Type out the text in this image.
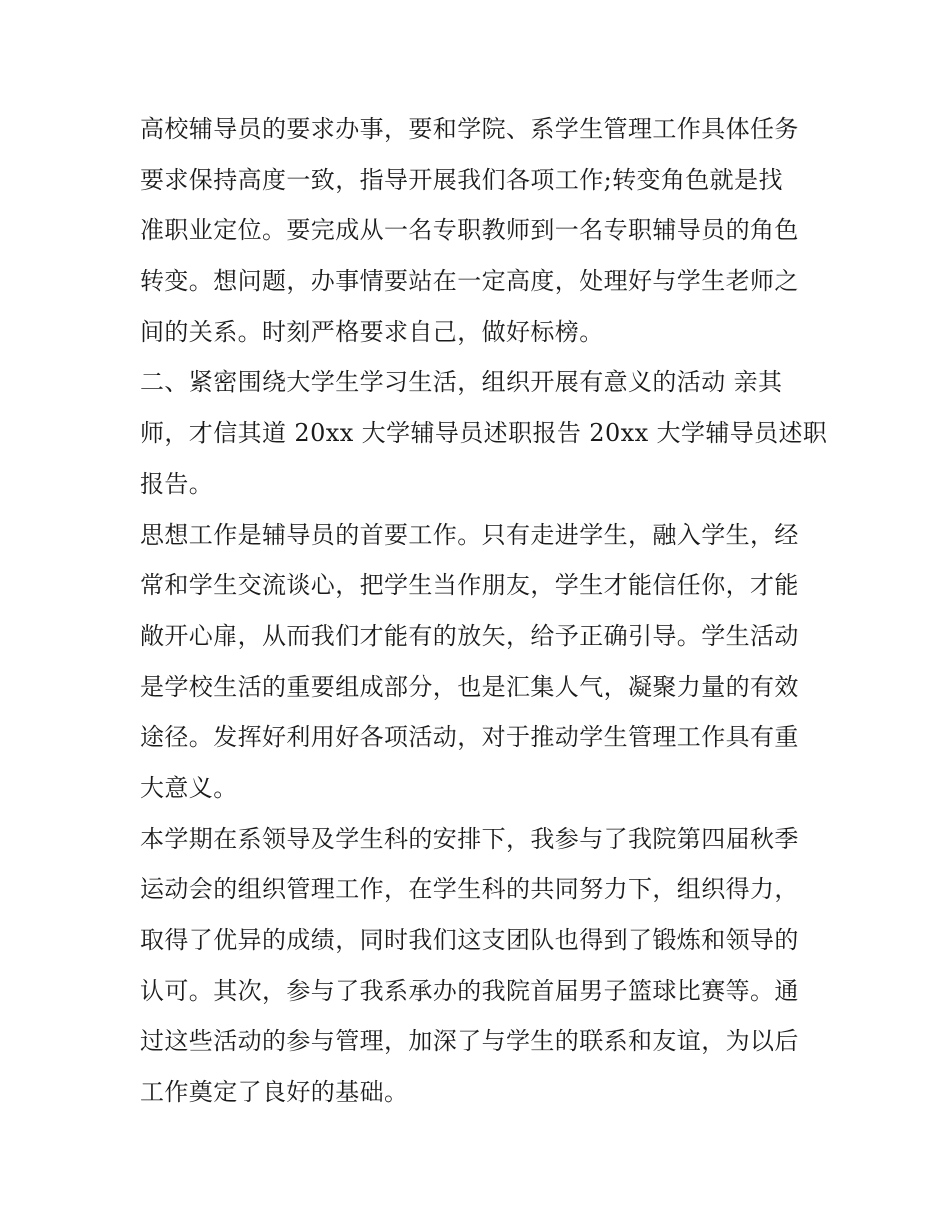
高校辅导员的要求办事，要和学院、系学生管理工作具体任务
要求保持高度一致，指导开展我们各项工作;转变角色就是找
准职业定位。要完成从一名专职教师到一名专职辅导员的角色
转变。想问题，办事情要站在一定高度，处理好与学生老师之
间的关系。时刻严格要求自己，做好标榜。
二、紧密围绕大学生学习生活，组织开展有意义的活动 亲其
师，才信其道 20xx 大学辅导员述职报告 20xx 大学辅导员述职
报告。
思想工作是辅导员的首要工作。只有走进学生，融入学生，经
常和学生交流谈心，把学生当作朋友，学生才能信任你，才能
敞开心扉，从而我们才能有的放矢，给予正确引导。学生活动
是学校生活的重要组成部分，也是汇集人气，凝聚力量的有效
途径。发挥好利用好各项活动，对于推动学生管理工作具有重
大意义。
本学期在系领导及学生科的安排下，我参与了我院第四届秋季
运动会的组织管理工作，在学生科的共同努力下，组织得力，
取得了优异的成绩，同时我们这支团队也得到了锻炼和领导的
认可。其次，参与了我系承办的我院首届男子篮球比赛等。通
过这些活动的参与管理，加深了与学生的联系和友谊，为以后
工作奠定了良好的基础。
